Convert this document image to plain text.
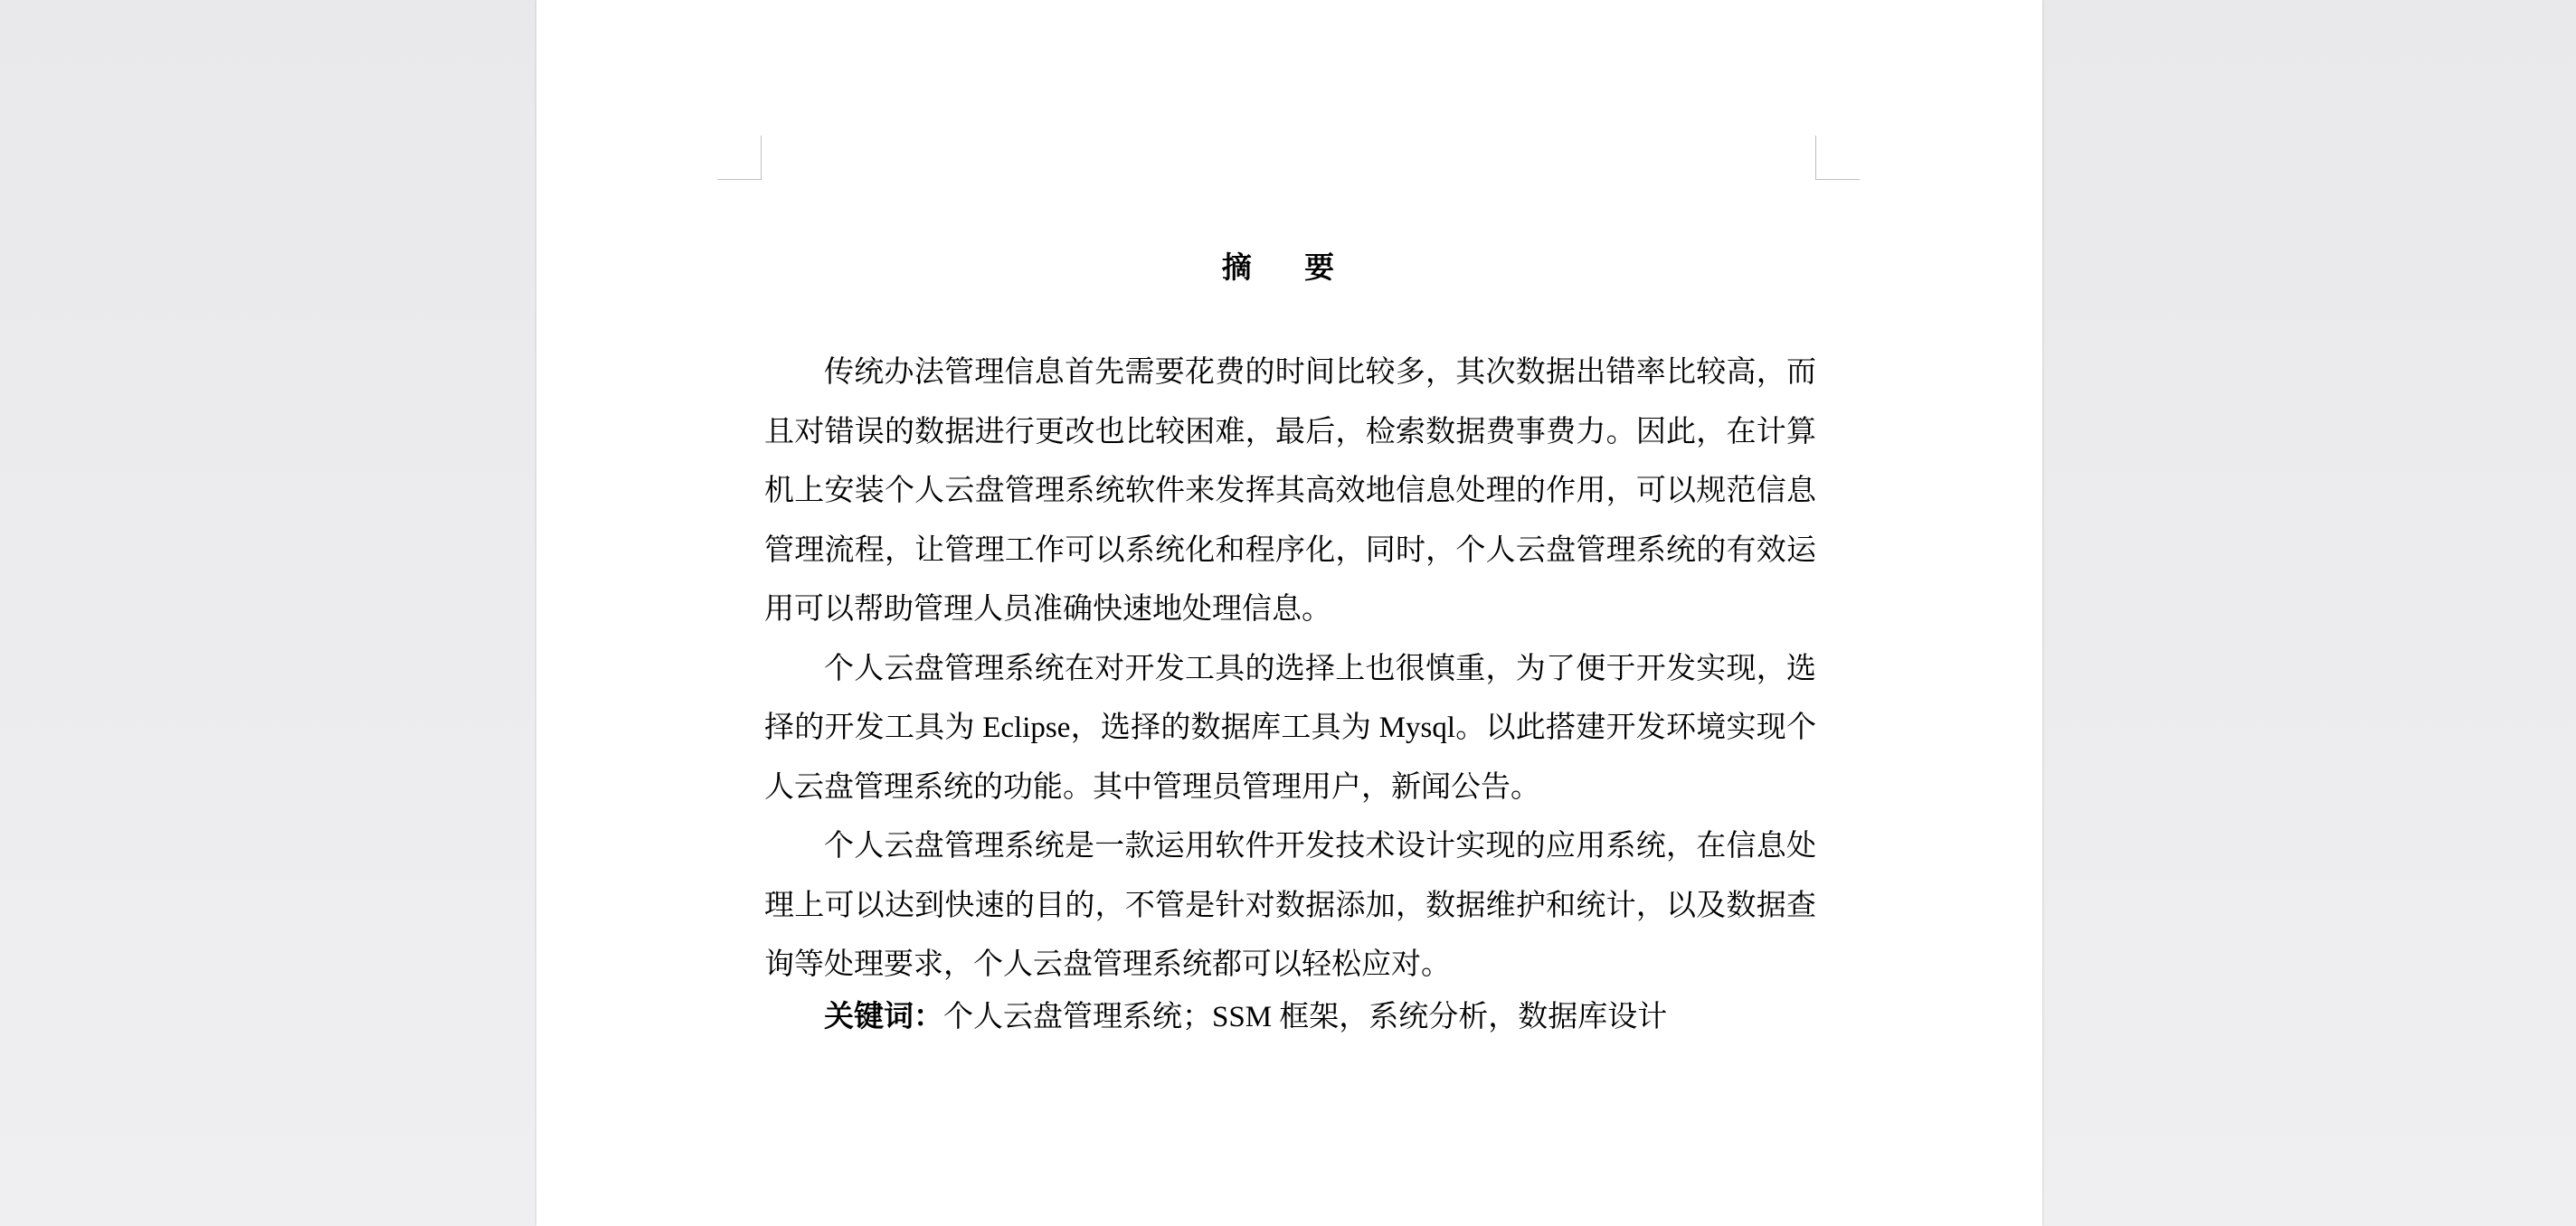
摘 要

传统办法管理信息首先需要花费的时间比较多，其次数据出错率比较高，而且对错误的数据进行更改也比较困难，最后，检索数据费事费力。因此，在计算机上安装个人云盘管理系统软件来发挥其高效地信息处理的作用，可以规范信息管理流程，让管理工作可以系统化和程序化，同时，个人云盘管理系统的有效运用可以帮助管理人员准确快速地处理信息。

个人云盘管理系统在对开发工具的选择上也很慎重，为了便于开发实现，选择的开发工具为 Eclipse，选择的数据库工具为 Mysql。以此搭建开发环境实现个人云盘管理系统的功能。其中管理员管理用户，新闻公告。

个人云盘管理系统是一款运用软件开发技术设计实现的应用系统，在信息处理上可以达到快速的目的，不管是针对数据添加，数据维护和统计，以及数据查询等处理要求，个人云盘管理系统都可以轻松应对。

关键词：个人云盘管理系统；SSM 框架，系统分析，数据库设计
